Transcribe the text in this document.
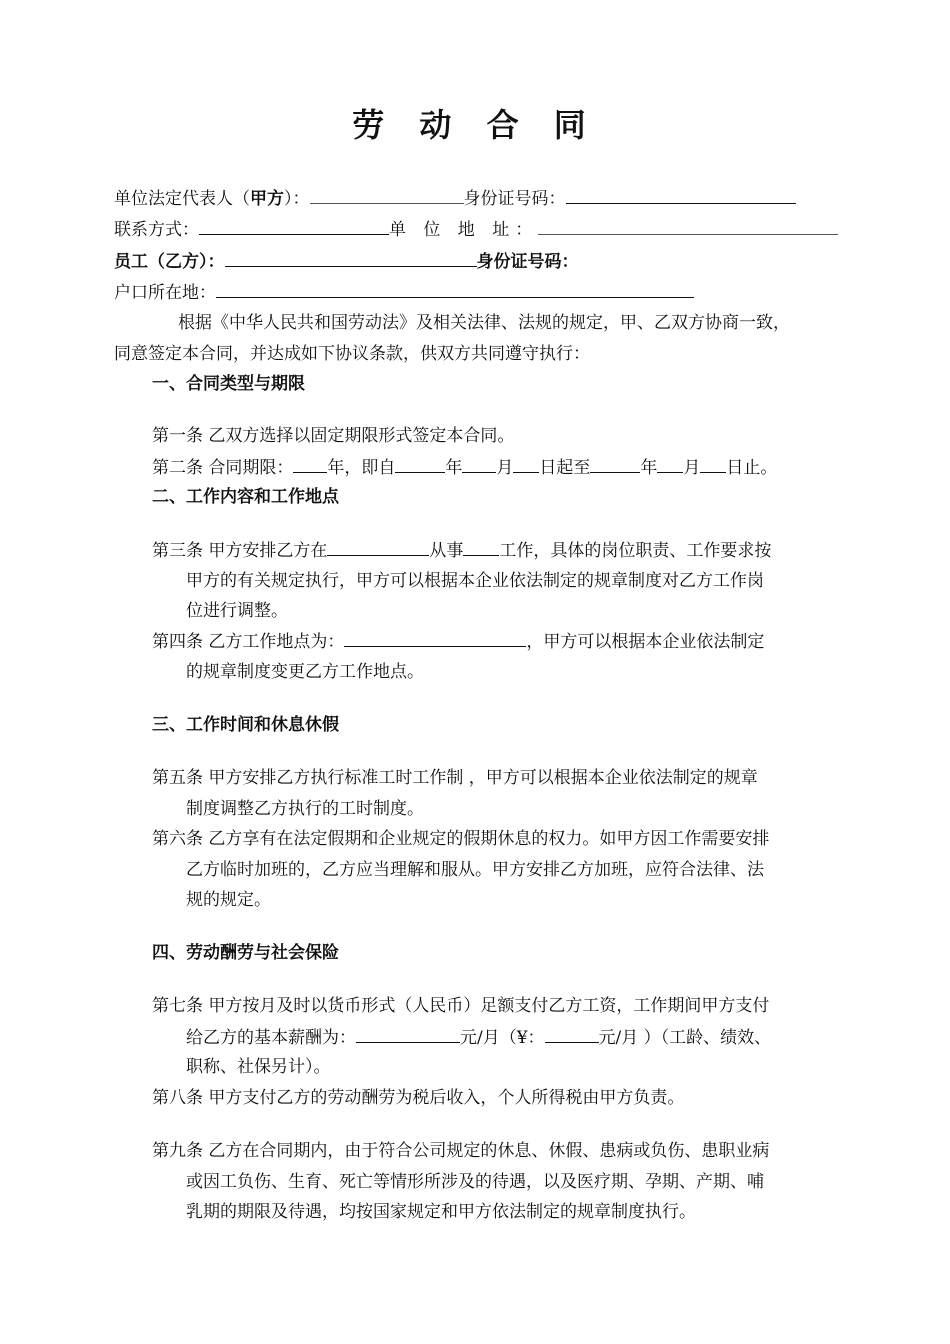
劳 动 合 同
单位法定代表人（甲方）：	身份证号码：
联系方式：	单 位 地 址：
员工（乙方）：	身份证号码：
户口所在地：
根据《中华人民共和国劳动法》及相关法律、法规的规定，甲、乙双方协商一致，
同意签定本合同，并达成如下协议条款，供双方共同遵守执行：
一、合同类型与期限
第一条 乙双方选择以固定期限形式签定本合同。
第二条 合同期限： 年，即自	年 月 日起至	年 月 日止。
二、工作内容和工作地点
第三条 甲方安排乙方在	从事 工作，具体的岗位职责、工作要求按
甲方的有关规定执行，甲方可以根据本企业依法制定的规章制度对乙方工作岗
位进行调整。
第四条 乙方工作地点为：	，甲方可以根据本企业依法制定
的规章制度变更乙方工作地点。
三、工作时间和休息休假
第五条 甲方安排乙方执行标准工时工作制 ，甲方可以根据本企业依法制定的规章
制度调整乙方执行的工时制度。
第六条 乙方享有在法定假期和企业规定的假期休息的权力。如甲方因工作需要安排
乙方临时加班的，乙方应当理解和服从。甲方安排乙方加班，应符合法律、法
规的规定。
四、劳动酬劳与社会保险
第七条 甲方按月及时以货币形式（人民币）足额支付乙方工资，工作期间甲方支付
给乙方的基本薪酬为：	元/月（¥：	元/月 ）（工龄、绩效、
职称、社保另计）。
第八条 甲方支付乙方的劳动酬劳为税后收入，个人所得税由甲方负责。
第九条 乙方在合同期内，由于符合公司规定的休息、休假、患病或负伤、患职业病
或因工负伤、生育、死亡等情形所涉及的待遇，以及医疗期、孕期、产期、哺
乳期的期限及待遇，均按国家规定和甲方依法制定的规章制度执行。
